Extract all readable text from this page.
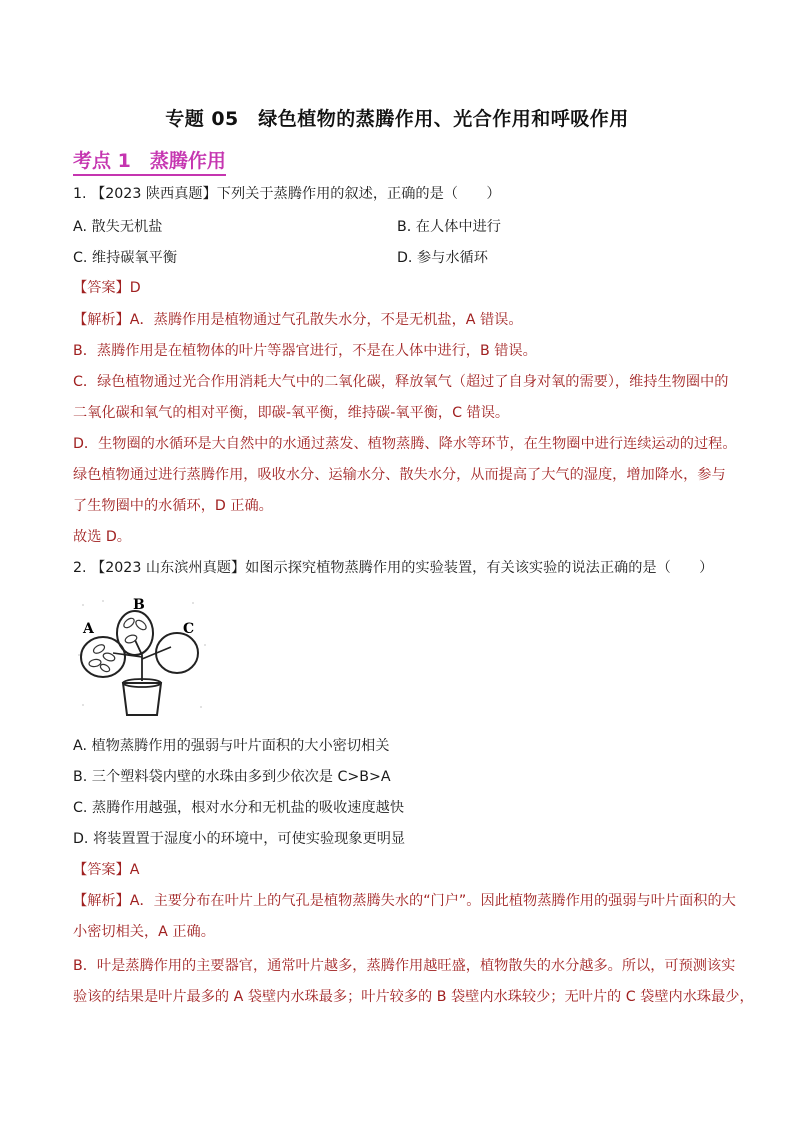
专题 05　绿色植物的蒸腾作用、光合作用和呼吸作用
考点 1　蒸腾作用
1. 【2023 陕西真题】下列关于蒸腾作用的叙述，正确的是（　　）
A. 散失无机盐	B. 在人体中进行
C. 维持碳氧平衡	D. 参与水循环
【答案】D
【解析】A．蒸腾作用是植物通过气孔散失水分，不是无机盐，A 错误。
B．蒸腾作用是在植物体的叶片等器官进行，不是在人体中进行，B 错误。
C．绿色植物通过光合作用消耗大气中的二氧化碳，释放氧气（超过了自身对氧的需要），维持生物圈中的
二氧化碳和氧气的相对平衡，即碳-氧平衡，维持碳-氧平衡，C 错误。
D．生物圈的水循环是大自然中的水通过蒸发、植物蒸腾、降水等环节，在生物圈中进行连续运动的过程。
绿色植物通过进行蒸腾作用，吸收水分、运输水分、散失水分，从而提高了大气的湿度，增加降水，参与
了生物圈中的水循环，D 正确。
故选 D。
2. 【2023 山东滨州真题】如图示探究植物蒸腾作用的实验装置，有关该实验的说法正确的是（　　）
A
B
C
A. 植物蒸腾作用的强弱与叶片面积的大小密切相关
B. 三个塑料袋内壁的水珠由多到少依次是 C>B>A
C. 蒸腾作用越强，根对水分和无机盐的吸收速度越快
D. 将装置置于湿度小的环境中，可使实验现象更明显
【答案】A
【解析】A．主要分布在叶片上的气孔是植物蒸腾失水的“门户”。因此植物蒸腾作用的强弱与叶片面积的大
小密切相关，A 正确。
B．叶是蒸腾作用的主要器官，通常叶片越多，蒸腾作用越旺盛，植物散失的水分越多。所以，可预测该实
验该的结果是叶片最多的 A 袋壁内水珠最多；叶片较多的 B 袋壁内水珠较少；无叶片的 C 袋壁内水珠最少，
